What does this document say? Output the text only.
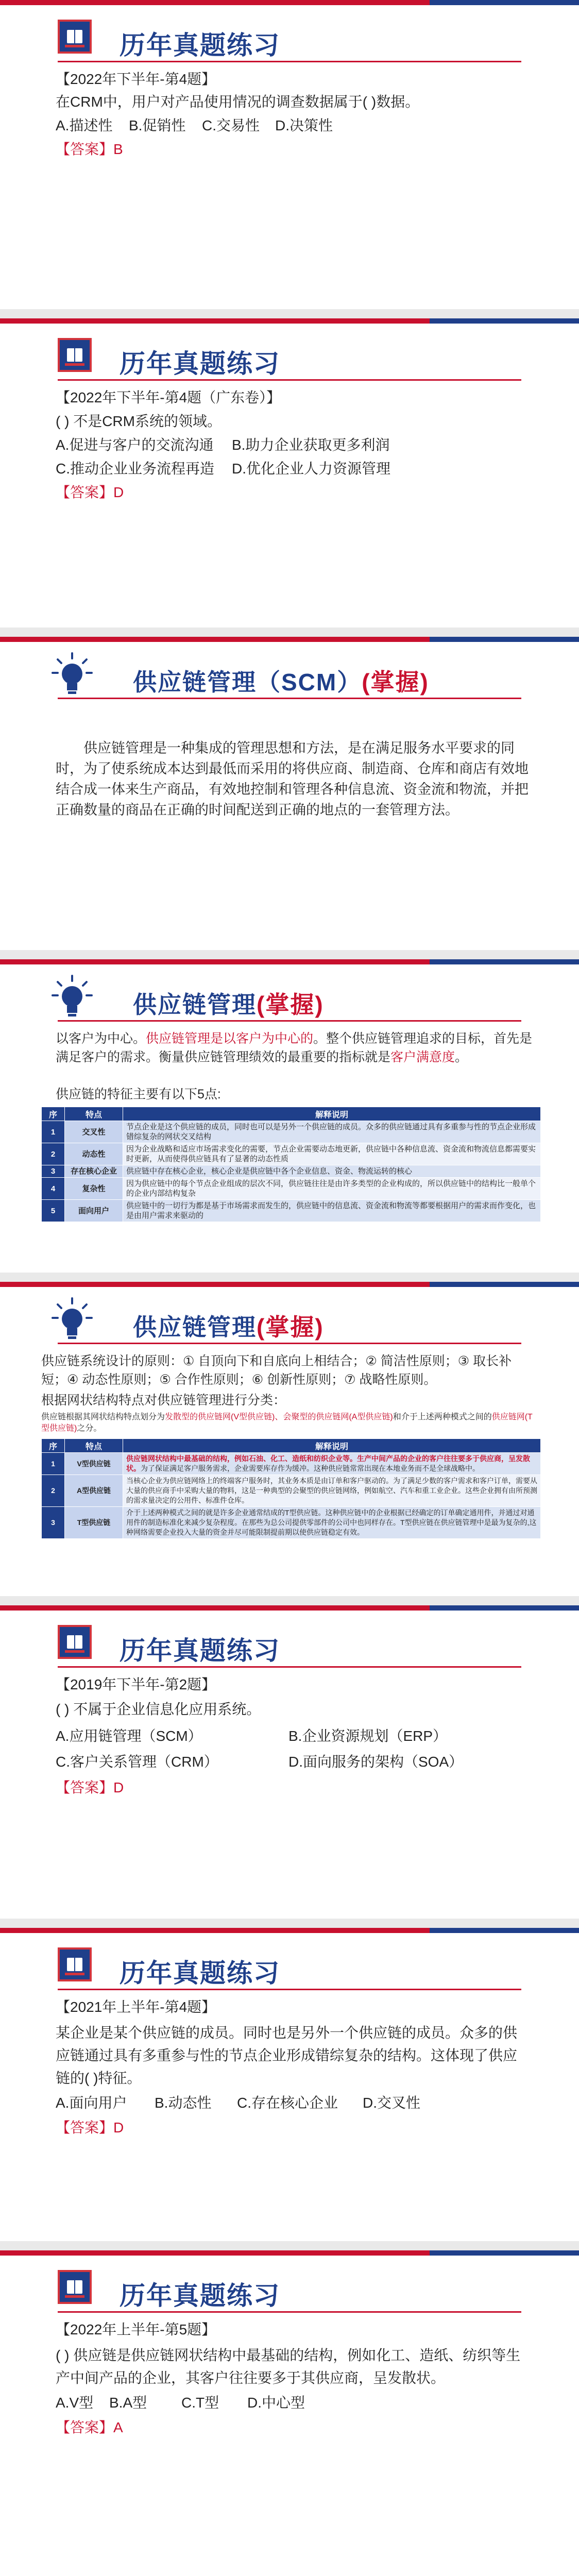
历年真题练习
【2022年下半年-第4题】
在CRM中，用户对产品使用情况的调查数据属于( )数据。
A.描述性 B.促销性 C.交易性 D.决策性
【答案】B
历年真题练习
【2022年下半年-第4题（广东卷）】
( ) 不是CRM系统的领域。
A.促进与客户的交流沟通 B.助力企业获取更多利润
C.推动企业业务流程再造 D.优化企业人力资源管理
【答案】D
供应链管理（SCM）(掌握)
供应链管理是一种集成的管理思想和方法，是在满足服务水平要求的同时，为了使系统成本达到最低而采用的将供应商、制造商、仓库和商店有效地结合成一体来生产商品，有效地控制和管理各种信息流、资金流和物流，并把正确数量的商品在正确的时间配送到正确的地点的一套管理方法。
供应链管理(掌握)
以客户为中心。供应链管理是以客户为中心的。整个供应链管理追求的目标，首先是满足客户的需求。衡量供应链管理绩效的最重要的指标就是客户满意度。
供应链的特征主要有以下5点:
序	特点	解释说明
1	交叉性	节点企业是这个供应链的成员，同时也可以是另外一个供应链的成员。众多的供应链通过具有多重参与性的节点企业形成错综复杂的网状交叉结构
2	动态性	因为企业战略和适应市场需求变化的需要，节点企业需要动态地更新，供应链中各种信息流、资金流和物流信息都需要实时更新，从而使得供应链具有了显著的动态性质
3	存在核心企业	供应链中存在核心企业，核心企业是供应链中各个企业信息、资金、物流运转的核心
4	复杂性	因为供应链中的每个节点企业组成的层次不同，供应链往往是由许多类型的企业构成的，所以供应链中的结构比一般单个的企业内部结构复杂
5	面向用户	供应链中的一切行为都是基于市场需求而发生的，供应链中的信息流、资金流和物流等都要根据用户的需求而作变化，也是由用户需求来驱动的
供应链管理(掌握)
供应链系统设计的原则：① 自顶向下和自底向上相结合；② 简洁性原则；③ 取长补短；④ 动态性原则；⑤ 合作性原则；⑥ 创新性原则；⑦ 战略性原则。
根据网状结构特点对供应链管理进行分类：
供应链根据其网状结构特点划分为发散型的供应链网(V型供应链)、会聚型的供应链网(A型供应链)和介于上述两种模式之间的供应链网(T型供应链)之分。
序	特点	解释说明
1	V型供应链	供应链网状结构中最基础的结构，例如石油、化工、造纸和纺织企业等。生产中间产品的企业的客户往往要多于供应商，呈发散状。为了保证满足客户服务需求，企业需要库存作为缓冲。这种供应链常常出现在本地业务而不是全球战略中。
2	A型供应链	当核心企业为供应链网络上的终端客户服务时，其业务本质是由订单和客户驱动的。为了满足少数的客户需求和客户订单，需要从大量的供应商手中采购大量的物料，这是一种典型的会聚型的供应链网络，例如航空、汽车和重工业企业。这些企业拥有由所预测的需求量决定的公用件、标准件仓库。
3	T型供应链	介于上述两种模式之间的就是许多企业通常结成的T型供应链。这种供应链中的企业根据已经确定的订单确定通用件，并通过对通用件的制造标准化来减少复杂程度。在那些为总公司提供零部件的公司中也同样存在。T型供应链在供应链管理中是最为复杂的,这种网络需要企业投入大量的资金并尽可能限制提前期以使供应链稳定有效。
历年真题练习
【2019年下半年-第2题】
( ) 不属于企业信息化应用系统。
A.应用链管理（SCM）	B.企业资源规划（ERP）
C.客户关系管理（CRM）	D.面向服务的架构（SOA）
【答案】D
历年真题练习
【2021年上半年-第4题】
某企业是某个供应链的成员。同时也是另外一个供应链的成员。众多的供应链通过具有多重参与性的节点企业形成错综复杂的结构。这体现了供应链的( )特征。
A.面向用户 B.动态性 C.存在核心企业 D.交叉性
【答案】D
历年真题练习
【2022年上半年-第5题】
( ) 供应链是供应链网状结构中最基础的结构，例如化工、造纸、纺织等生产中间产品的企业，其客户往往要多于其供应商，呈发散状。
A.V型 B.A型 C.T型 D.中心型
【答案】A
